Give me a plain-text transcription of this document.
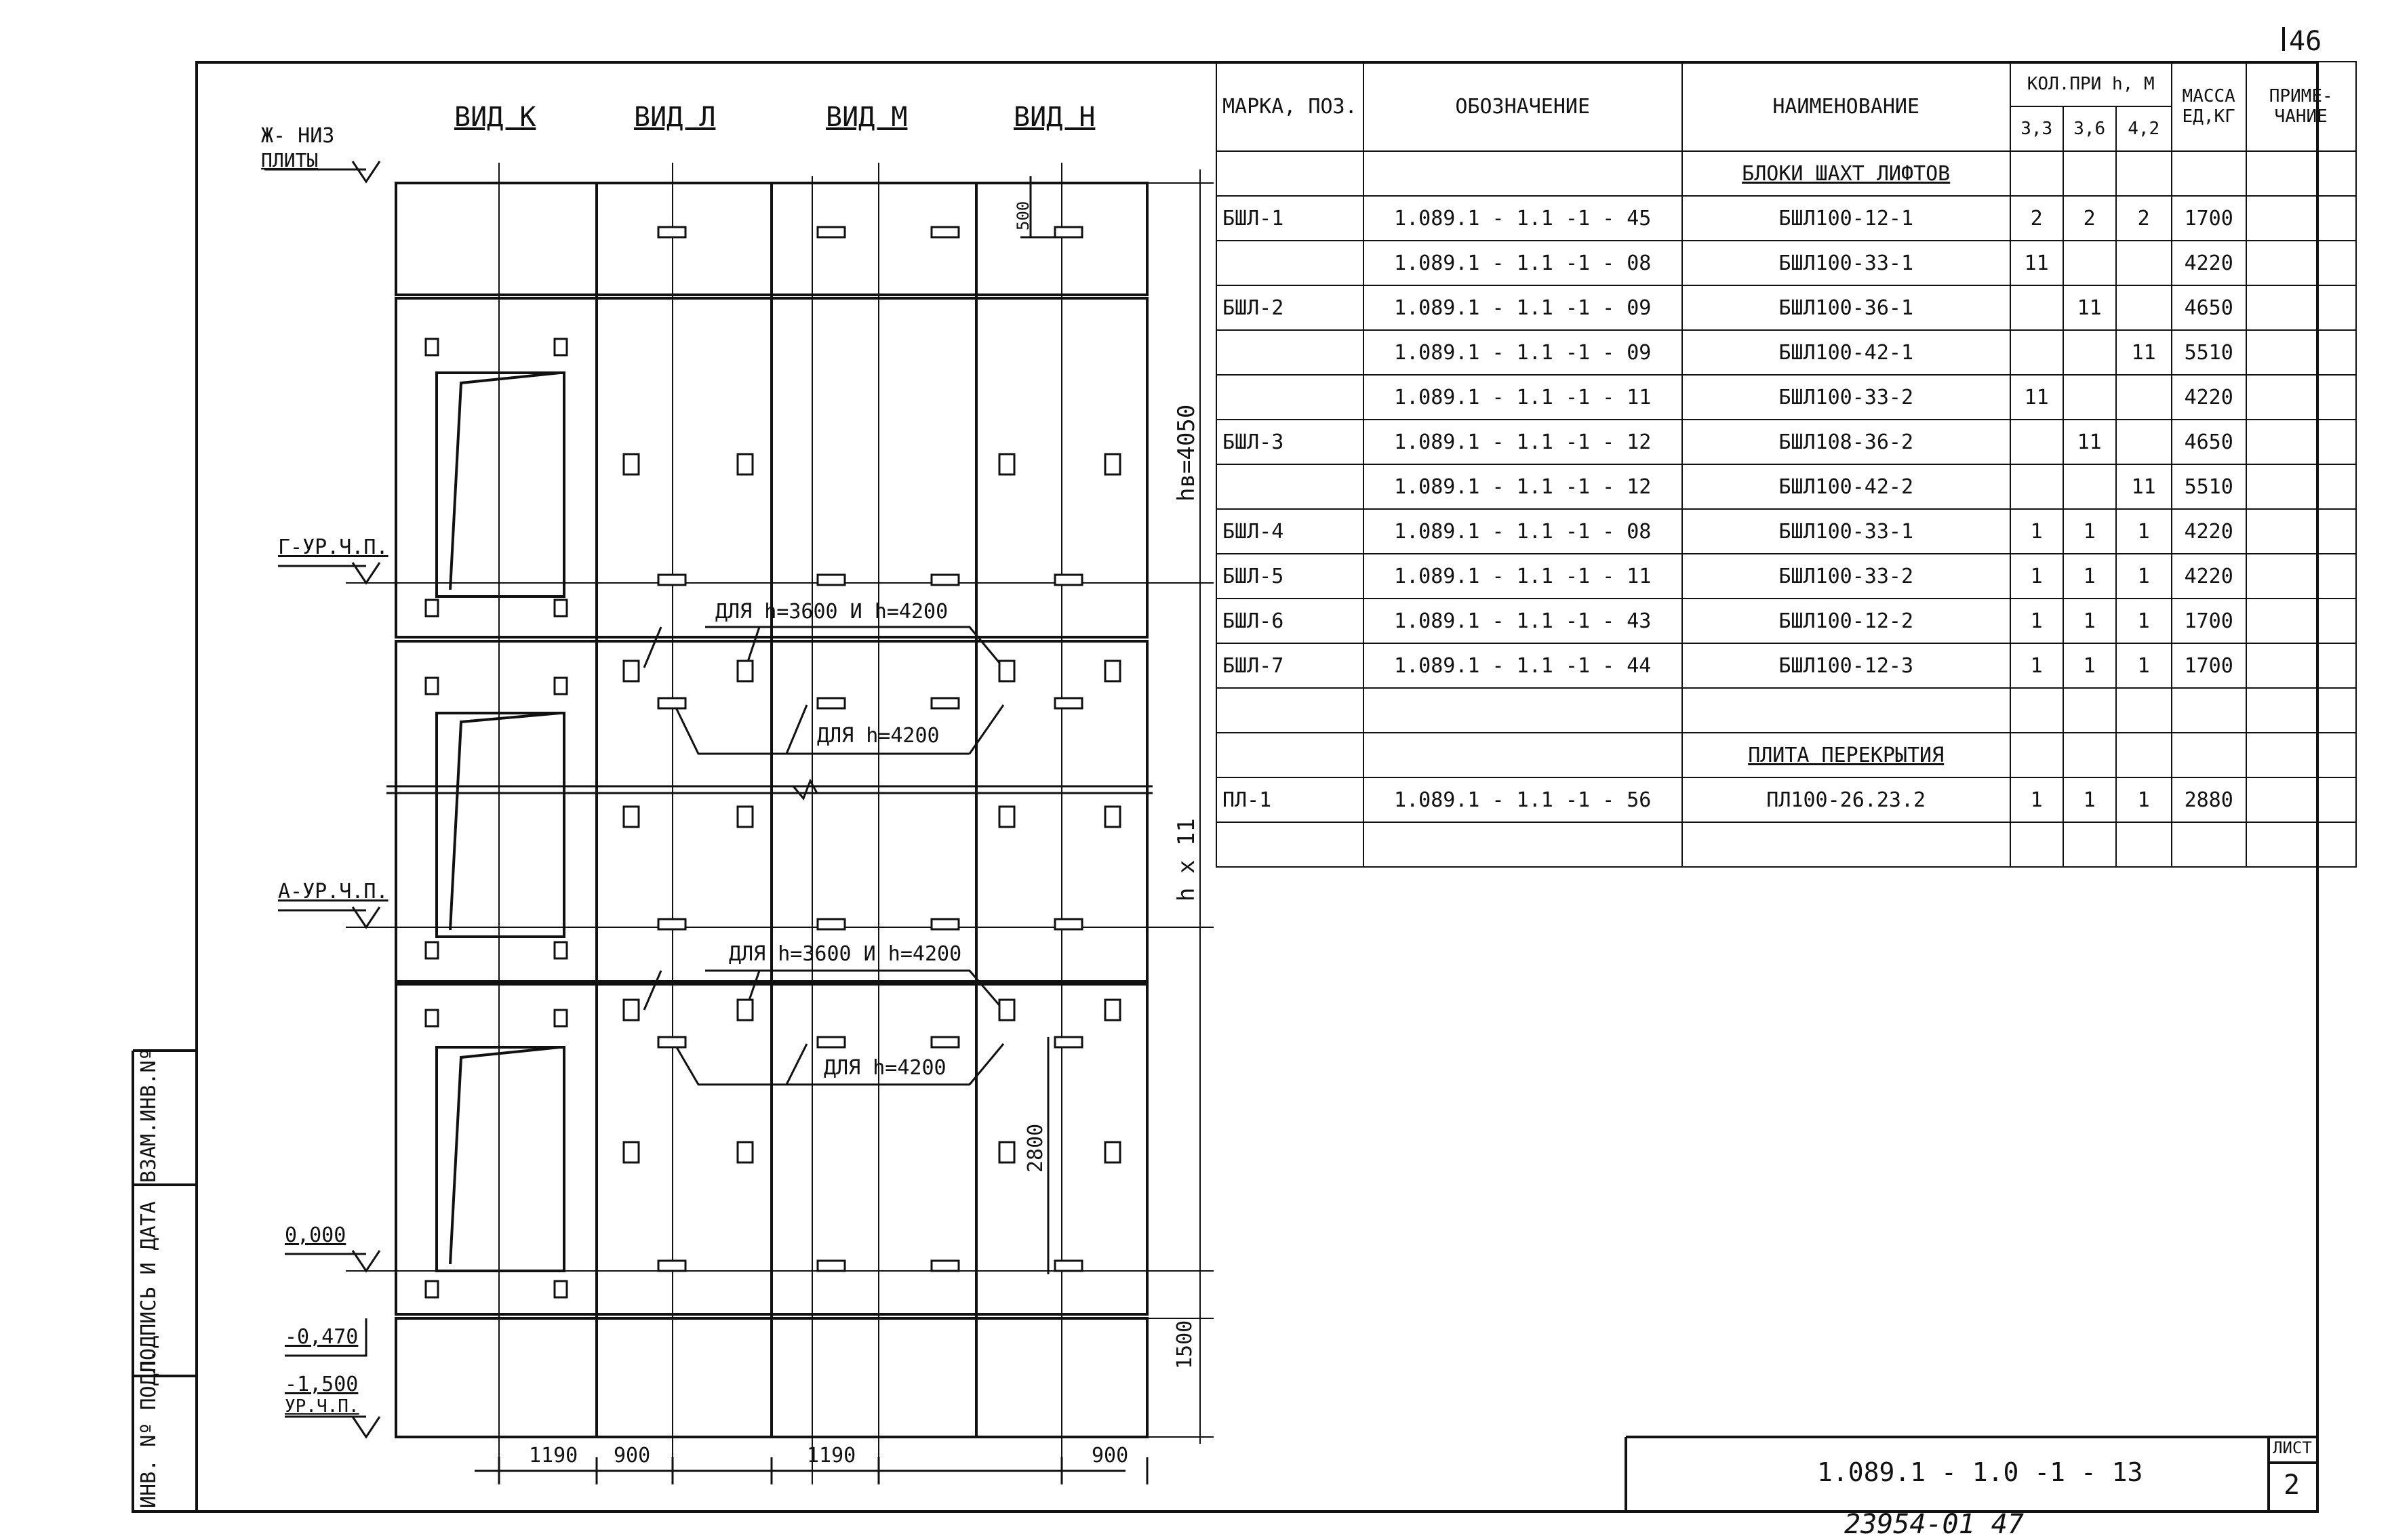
ВИД К	ВИД Л	ВИД М	ВИД Н
Ж- НИЗ
ПЛИТЫ
Г-УР.Ч.П.
А-УР.Ч.П.
0,000
-0,470
-1,500
УР.Ч.П.
ДЛЯ h=3600 И h=4200
ДЛЯ h=4200
ДЛЯ h=3600 И h=4200
ДЛЯ h=4200
500
hв=4050
h х 11
2800
1500
1190 900	1190	900
ИНВ. Nº ПОДЛ.
ПОДПИСЬ И ДАТА
ВЗАМ.ИНВ.Nº
46
1.089.1 - 1.0 -1 - 13
ЛИСТ
2
23954-01 47
МАРКА, ПОЗ.	ОБОЗНАЧЕНИЕ	НАИМЕНОВАНИЕ	КОЛ.ПРИ h, М			МАССА ЕД,КГ	ПРИМЕ- ЧАНИЕ
			3,3	3,6	4,2		
		БЛОКИ ШАХТ ЛИФТОВ					
БШЛ-1	1.089.1 - 1.1 -1 - 45	БШЛ100-12-1	2	2	2	1700	
	1.089.1 - 1.1 -1 - 08	БШЛ100-33-1	11			4220	
БШЛ-2	1.089.1 - 1.1 -1 - 09	БШЛ100-36-1		11		4650	
	1.089.1 - 1.1 -1 - 09	БШЛ100-42-1			11	5510	
	1.089.1 - 1.1 -1 - 11	БШЛ100-33-2	11			4220	
БШЛ-3	1.089.1 - 1.1 -1 - 12	БШЛ108-36-2		11		4650	
	1.089.1 - 1.1 -1 - 12	БШЛ100-42-2			11	5510	
БШЛ-4	1.089.1 - 1.1 -1 - 08	БШЛ100-33-1	1	1	1	4220	
БШЛ-5	1.089.1 - 1.1 -1 - 11	БШЛ100-33-2	1	1	1	4220	
БШЛ-6	1.089.1 - 1.1 -1 - 43	БШЛ100-12-2	1	1	1	1700	
БШЛ-7	1.089.1 - 1.1 -1 - 44	БШЛ100-12-3	1	1	1	1700	

		ПЛИТА ПЕРЕКРЫТИЯ					
ПЛ-1	1.089.1 - 1.1 -1 - 56	ПЛ100-26.23.2	1	1	1	2880	
